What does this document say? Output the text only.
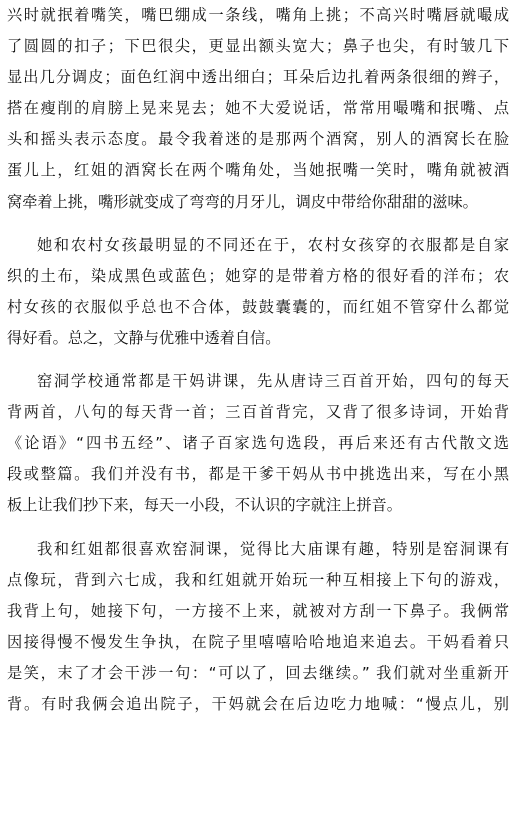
兴时就抿着嘴笑，嘴巴绷成一条线，嘴角上挑；不高兴时嘴唇就嘬成
了圆圆的扣子；下巴很尖，更显出额头宽大；鼻子也尖，有时皱几下
显出几分调皮；面色红润中透出细白；耳朵后边扎着两条很细的辫子，
搭在瘦削的肩膀上晃来晃去；她不大爱说话，常常用嘬嘴和抿嘴、点
头和摇头表示态度。最令我着迷的是那两个酒窝，别人的酒窝长在脸
蛋儿上，红姐的酒窝长在两个嘴角处，当她抿嘴一笑时，嘴角就被酒
窝牵着上挑，嘴形就变成了弯弯的月牙儿，调皮中带给你甜甜的滋味。
她和农村女孩最明显的不同还在于，农村女孩穿的衣服都是自家
织的土布，染成黑色或蓝色；她穿的是带着方格的很好看的洋布；农
村女孩的衣服似乎总也不合体，鼓鼓囊囊的，而红姐不管穿什么都觉
得好看。总之，文静与优雅中透着自信。
窑洞学校通常都是干妈讲课，先从唐诗三百首开始，四句的每天
背两首，八句的每天背一首；三百首背完，又背了很多诗词，开始背
《论语》“四书五经”、诸子百家选句选段，再后来还有古代散文选
段或整篇。我们并没有书，都是干爹干妈从书中挑选出来，写在小黑
板上让我们抄下来，每天一小段，不认识的字就注上拼音。
我和红姐都很喜欢窑洞课，觉得比大庙课有趣，特别是窑洞课有
点像玩，背到六七成，我和红姐就开始玩一种互相接上下句的游戏，
我背上句，她接下句，一方接不上来，就被对方刮一下鼻子。我俩常
因接得慢不慢发生争执，在院子里嘻嘻哈哈地追来追去。干妈看着只
是笑，末了才会干涉一句：“可以了，回去继续。” 我们就对坐重新开
背。有时我俩会追出院子，干妈就会在后边吃力地喊：“慢点儿，别
